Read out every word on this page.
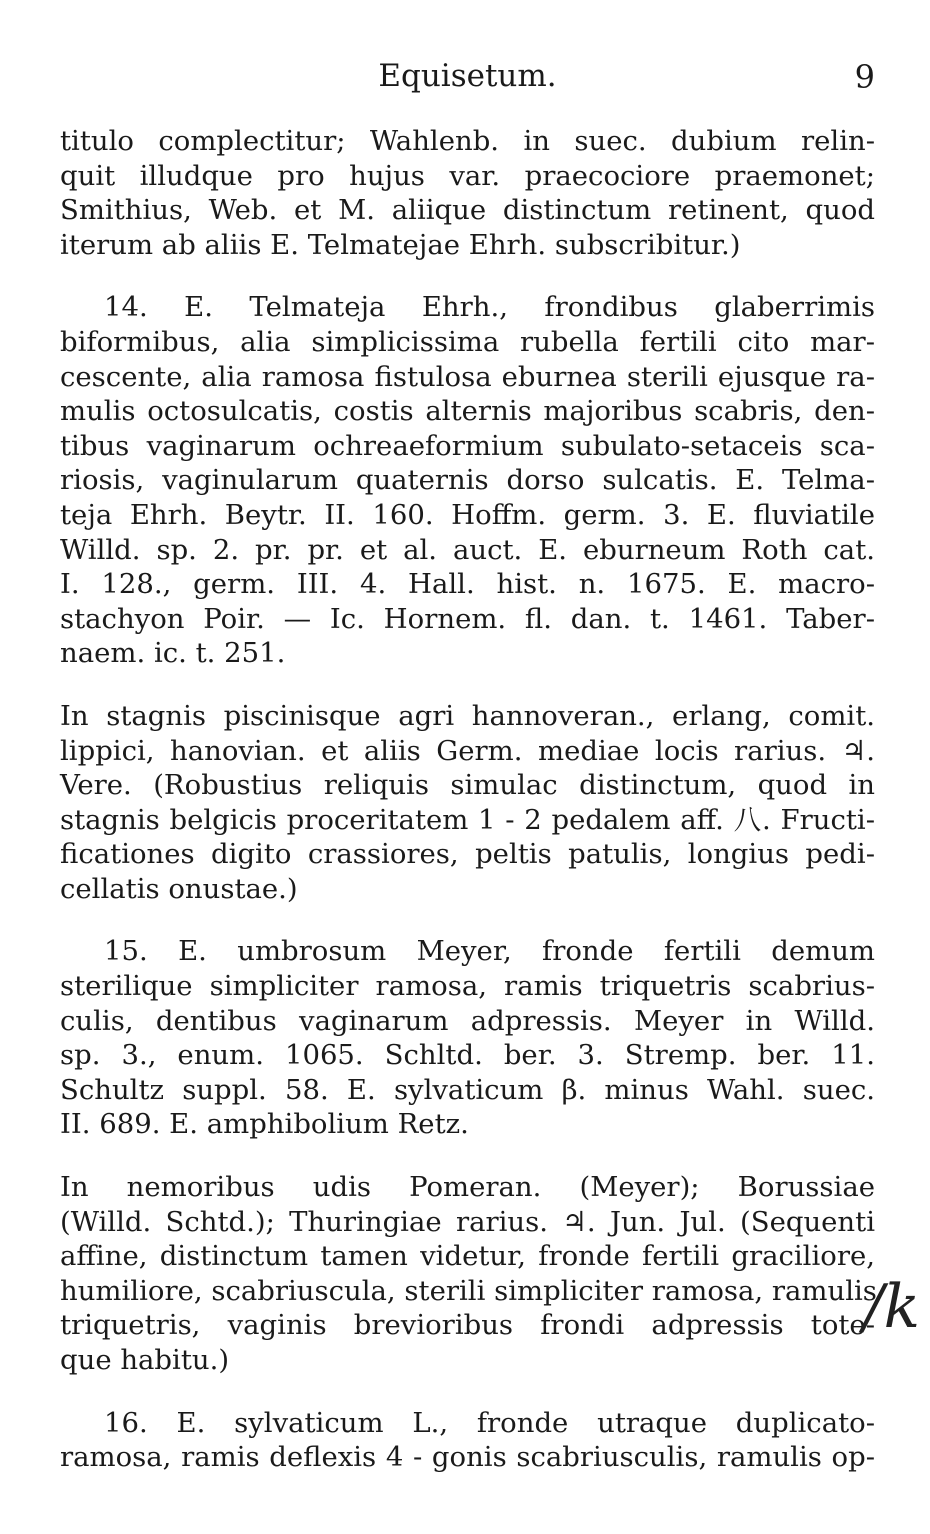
Equisetum.	9

titulo complectitur; Wahlenb. in suec. dubium relin-
quit illudque pro hujus var. praecociore praemonet;
Smithius, Web. et M. aliique distinctum retinent, quod
iterum ab aliis E. Telmatejae Ehrh. subscribitur.)

14. E. Telmateja Ehrh., frondibus glaberrimis
biformibus, alia simplicissima rubella fertili cito mar-
cescente, alia ramosa fistulosa eburnea sterili ejusque ra-
mulis octosulcatis, costis alternis majoribus scabris, den-
tibus vaginarum ochreaeformium subulato-setaceis sca-
riosis, vaginularum quaternis dorso sulcatis. E. Telma-
teja Ehrh. Beytr. II. 160. Hoffm. germ. 3. E. fluviatile
Willd. sp. 2. pr. pr. et al. auct. E. eburneum Roth cat.
I. 128., germ. III. 4. Hall. hist. n. 1675. E. macro-
stachyon Poir. — Ic. Hornem. fl. dan. t. 1461. Taber-
naem. ic. t. 251.

In stagnis piscinisque agri hannoveran., erlang, comit.
lippici, hanovian. et aliis Germ. mediae locis rarius. ♃.
Vere. (Robustius reliquis simulac distinctum, quod in
stagnis belgicis proceritatem 1 - 2 pedalem aff. 八. Fructi-
ficationes digito crassiores, peltis patulis, longius pedi-
cellatis onustae.)

15. E. umbrosum Meyer, fronde fertili demum
sterilique simpliciter ramosa, ramis triquetris scabrius-
culis, dentibus vaginarum adpressis. Meyer in Willd.
sp. 3., enum. 1065. Schltd. ber. 3. Stremp. ber. 11.
Schultz suppl. 58. E. sylvaticum β. minus Wahl. suec.
II. 689. E. amphibolium Retz.

In nemoribus udis Pomeran. (Meyer); Borussiae
(Willd. Schtd.); Thuringiae rarius. ♃. Jun. Jul. (Sequenti
affine, distinctum tamen videtur, fronde fertili graciliore,
humiliore, scabriuscula, sterili simpliciter ramosa, ramulis
triquetris, vaginis brevioribus frondi adpressis tote-
que habitu.)

16. E. sylvaticum L., fronde utraque duplicato-
ramosa, ramis deflexis 4 - gonis scabriusculis, ramulis op-

/k
